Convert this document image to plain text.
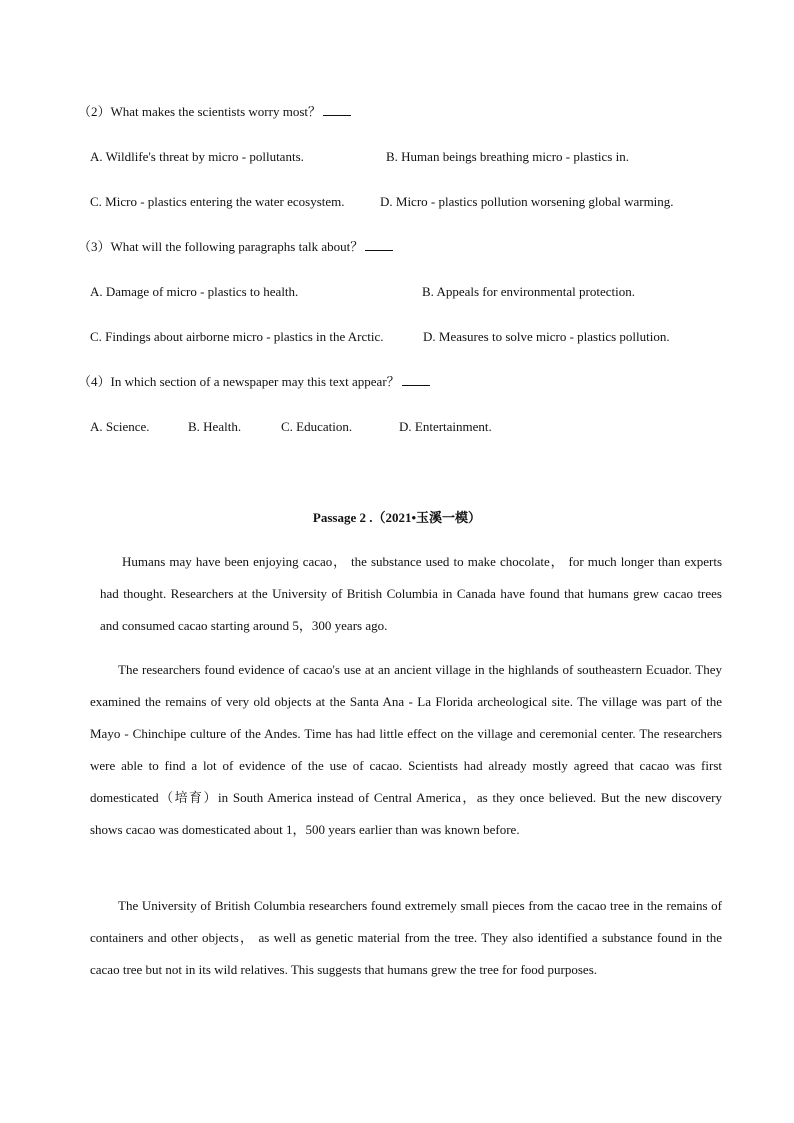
（2）What makes the scientists worry most？
A. Wildlife's threat by micro - pollutants.	B. Human beings breathing micro - plastics in.
C. Micro - plastics entering the water ecosystem.	D. Micro - plastics pollution worsening global warming.
（3）What will the following paragraphs talk about？
A. Damage of micro - plastics to health.	B. Appeals for environmental protection.
C. Findings about airborne micro - plastics in the Arctic.	D. Measures to solve micro - plastics pollution.
（4）In which section of a newspaper may this text appear？
A. Science.	B. Health.	C. Education.	D. Entertainment.
Passage 2 .（2021•玉溪一模）
Humans may have been enjoying cacao， the substance used to make chocolate， for much longer than experts had thought. Researchers at the University of British Columbia in Canada have found that humans grew cacao trees and consumed cacao starting around 5，300 years ago.
The researchers found evidence of cacao's use at an ancient village in the highlands of southeastern Ecuador. They examined the remains of very old objects at the Santa Ana - La Florida archeological site. The village was part of the Mayo - Chinchipe culture of the Andes. Time has had little effect on the village and ceremonial center. The researchers were able to find a lot of evidence of the use of cacao. Scientists had already mostly agreed that cacao was first domesticated（培育）in South America instead of Central America，as they once believed. But the new discovery shows cacao was domesticated about 1，500 years earlier than was known before.
The University of British Columbia researchers found extremely small pieces from the cacao tree in the remains of containers and other objects， as well as genetic material from the tree. They also identified a substance found in the cacao tree but not in its wild relatives. This suggests that humans grew the tree for food purposes.
